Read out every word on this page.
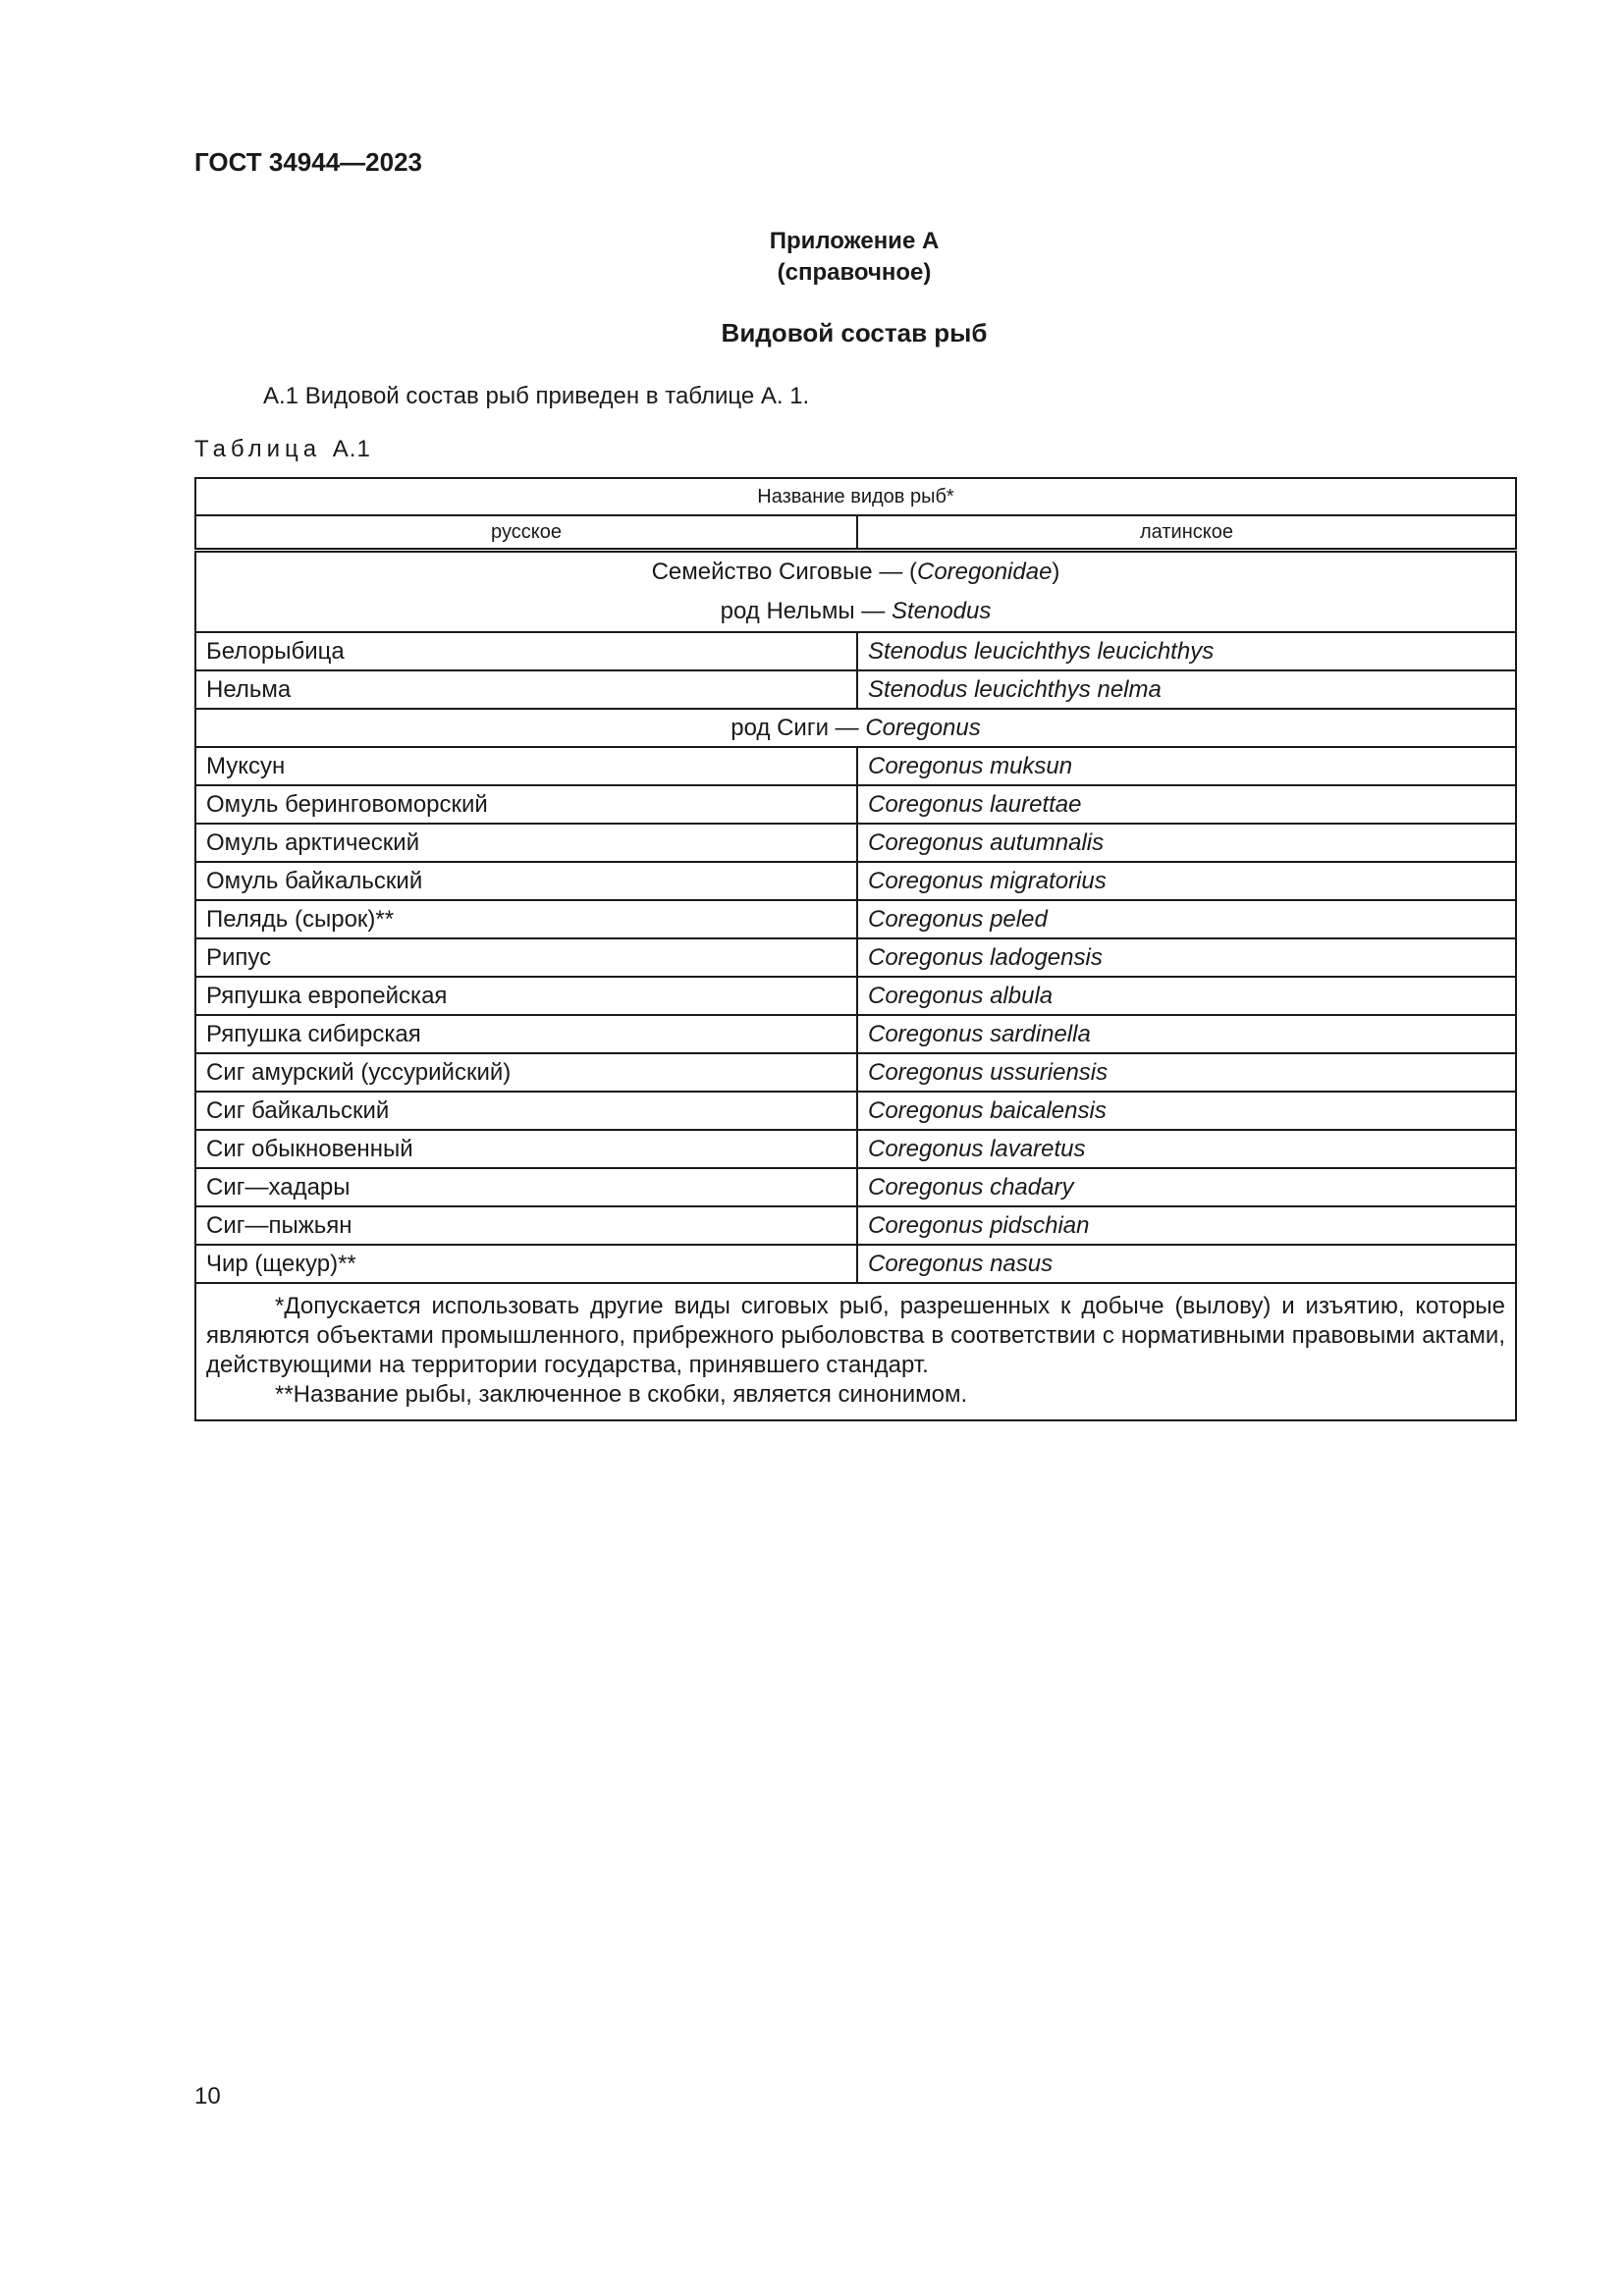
ГОСТ 34944—2023
Приложение А
(справочное)
Видовой состав рыб
А.1 Видовой состав рыб приведен в таблице А. 1.
Таблица А.1
Название видов рыб*	
русское	латинское

Семейство Сиговые — (Coregonidae)
род Нельмы — Stenodus	

Белорыбица	Stenodus leucichthys leucichthys
Нельма	Stenodus leucichthys nelma
род Сиги — Coregonus	
Муксун	Coregonus muksun
Омуль беринговоморский	Coregonus laurettae
Омуль арктический	Coregonus autumnalis
Омуль байкальский	Coregonus migratorius
Пелядь (сырок)**	Coregonus peled
Рипус	Coregonus ladogensis
Ряпушка европейская	Coregonus albula
Ряпушка сибирская	Coregonus sardinella
Сиг амурский (уссурийский)	Coregonus ussuriensis
Сиг байкальский	Coregonus baicalensis
Сиг обыкновенный	Coregonus lavaretus
Сиг—хадары	Coregonus chadary
Сиг—пыжьян	Coregonus pidschian
Чир (щекур)**	Coregonus nasus

*Допускается использовать другие виды сиговых рыб, разрешенных к добыче (вылову) и изъятию, которые являются объектами промышленного, прибрежного рыболовства в соответствии с нормативными правовыми актами, действующими на территории государства, принявшего стандарт.

**Название рыбы, заключенное в скобки, является синонимом.	

10
